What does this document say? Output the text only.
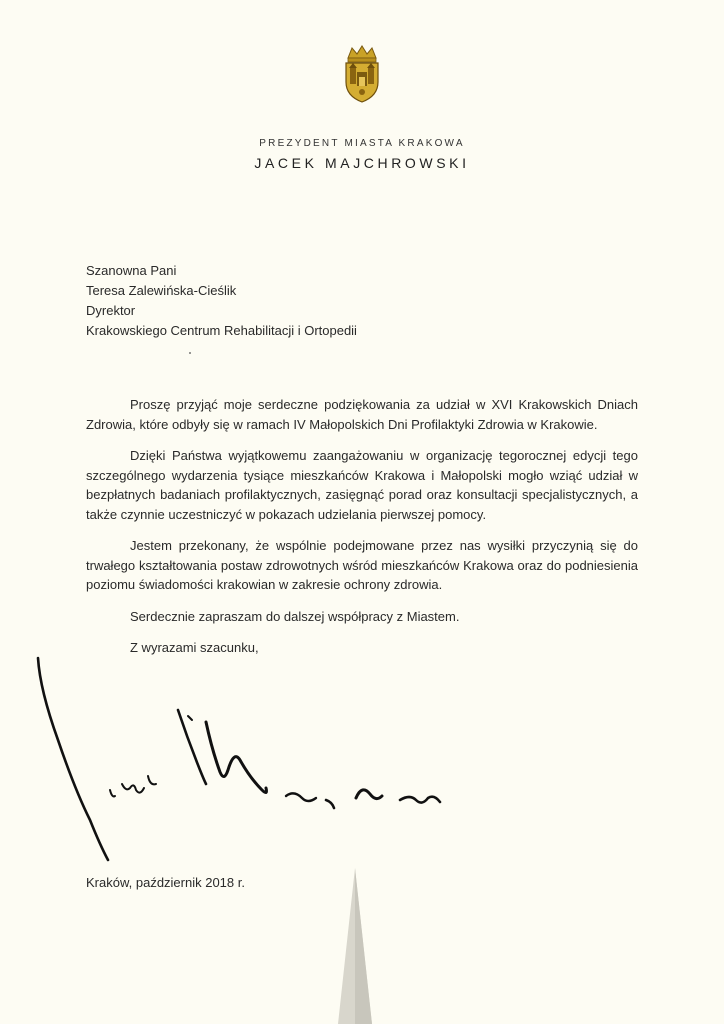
PREZYDENT MIASTA KRAKOWA
JACEK MAJCHROWSKI
Szanowna Pani
Teresa Zalewińska-Cieślik
Dyrektor
Krakowskiego Centrum Rehabilitacji i Ortopedii

Proszę przyjąć moje serdeczne podziękowania za udział w XVI Krakowskich Dniach Zdrowia, które odbyły się w ramach IV Małopolskich Dni Profilaktyki Zdrowia w Krakowie.

Dzięki Państwa wyjątkowemu zaangażowaniu w organizację tegorocznej edycji tego szczególnego wydarzenia tysiące mieszkańców Krakowa i Małopolski mogło wziąć udział w bezpłatnych badaniach profilaktycznych, zasięgnąć porad oraz konsultacji specjalistycznych, a także czynnie uczestniczyć w pokazach udzielania pierwszej pomocy.

Jestem przekonany, że wspólnie podejmowane przez nas wysiłki przyczynią się do trwałego kształtowania postaw zdrowotnych wśród mieszkańców Krakowa oraz do podniesienia poziomu świadomości krakowian w zakresie ochrony zdrowia.

Serdecznie zapraszam do dalszej współpracy z Miastem.
Z wyrazami szacunku,
Kraków, październik 2018 r.
